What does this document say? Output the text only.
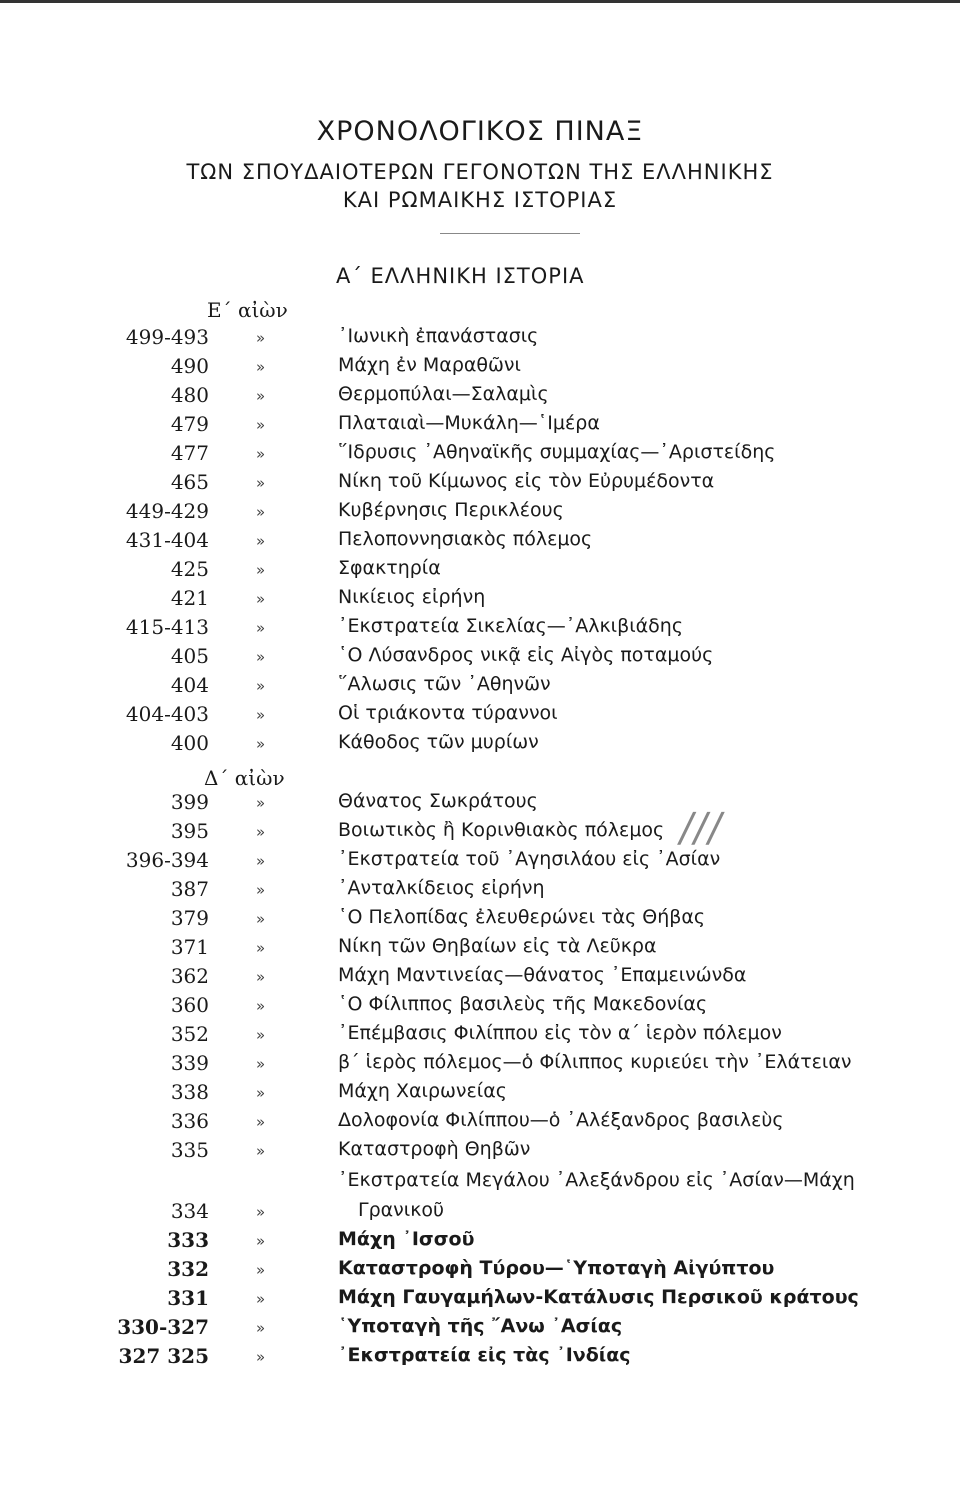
ΧΡΟΝΟΛΟΓΙΚΟΣ ΠΙΝΑΞ
ΤΩΝ ΣΠΟΥΔΑΙΟΤΕΡΩΝ ΓΕΓΟΝΟΤΩΝ ΤΗΣ ΕΛΛΗΝΙΚΗΣ
ΚΑΙ ΡΩΜΑΙΚΗΣ ΙΣΤΟΡΙΑΣ
Α΄ ΕΛΛΗΝΙΚΗ ΙΣΤΟΡΙΑ
Ε΄ αἰὼν
Δ΄ αἰὼν
/ / /
499-493	»	᾿Ιωνικὴ ἐπανάστασις
490	»	Μάχη ἐν Μαραθῶνι
480	»	Θερμοπύλαι—Σαλαμὶς
479	»	Πλαταιαὶ—Μυκάλη—῾Ιμέρα
477	»	῞Ιδρυσις ᾿Αθηναϊκῆς συμμαχίας—᾿Αριστείδης
465	»	Νίκη τοῦ Κίμωνος εἰς τὸν Εὐρυμέδοντα
449-429	»	Κυβέρνησις Περικλέους
431-404	»	Πελοποννησιακὸς πόλεμος
425	»	Σφακτηρία
421	»	Νικίειος εἰρήνη
415-413	»	᾿Εκστρατεία Σικελίας—᾿Αλκιβιάδης
405	»	῾Ο Λύσανδρος νικᾷ εἰς Αἰγὸς ποταμούς
404	»	῞Αλωσις τῶν ᾿Αθηνῶν
404-403	»	Οἱ τριάκοντα τύραννοι
400	»	Κάθοδος τῶν μυρίων
399	»	Θάνατος Σωκράτους
395	»	Βοιωτικὸς ἢ Κορινθιακὸς πόλεμος
396-394	»	᾿Εκστρατεία τοῦ ᾿Αγησιλάου εἰς ᾿Ασίαν
387	»	᾿Ανταλκίδειος εἰρήνη
379	»	῾Ο Πελοπίδας ἐλευθερώνει τὰς Θήβας
371	»	Νίκη τῶν Θηβαίων εἰς τὰ Λεῦκρα
362	»	Μάχη Μαντινείας—θάνατος ᾿Επαμεινώνδα
360	»	῾Ο Φίλιππος βασιλεὺς τῆς Μακεδονίας
352	»	᾿Επέμβασις Φιλίππου εἰς τὸν α΄ ἱερὸν πόλεμον
339	»	β΄ ἱερὸς πόλεμος—ὁ Φίλιππος κυριεύει τὴν ᾿Ελάτειαν
338	»	Μάχη Χαιρωνείας
336	»	Δολοφονία Φιλίππου—ὁ ᾿Αλέξανδρος βασιλεὺς
335	»	Καταστροφὴ Θηβῶν
334	»
᾿Εκστρατεία Μεγάλου ᾿Αλεξάνδρου εἰς ᾿Ασίαν—Μάχη
Γρανικοῦ
333	»	Μάχη ᾿Ισσοῦ
332	»	Καταστροφὴ Τύρου—῾Υποταγὴ Αἰγύπτου
331	»	Μάχη Γαυγαμήλων-Κατάλυσις Περσικοῦ κράτους
330-327	»	῾Υποταγὴ τῆς ῎Ανω ᾿Ασίας
327 325	»	᾿Εκστρατεία εἰς τὰς ᾿Ινδίας
